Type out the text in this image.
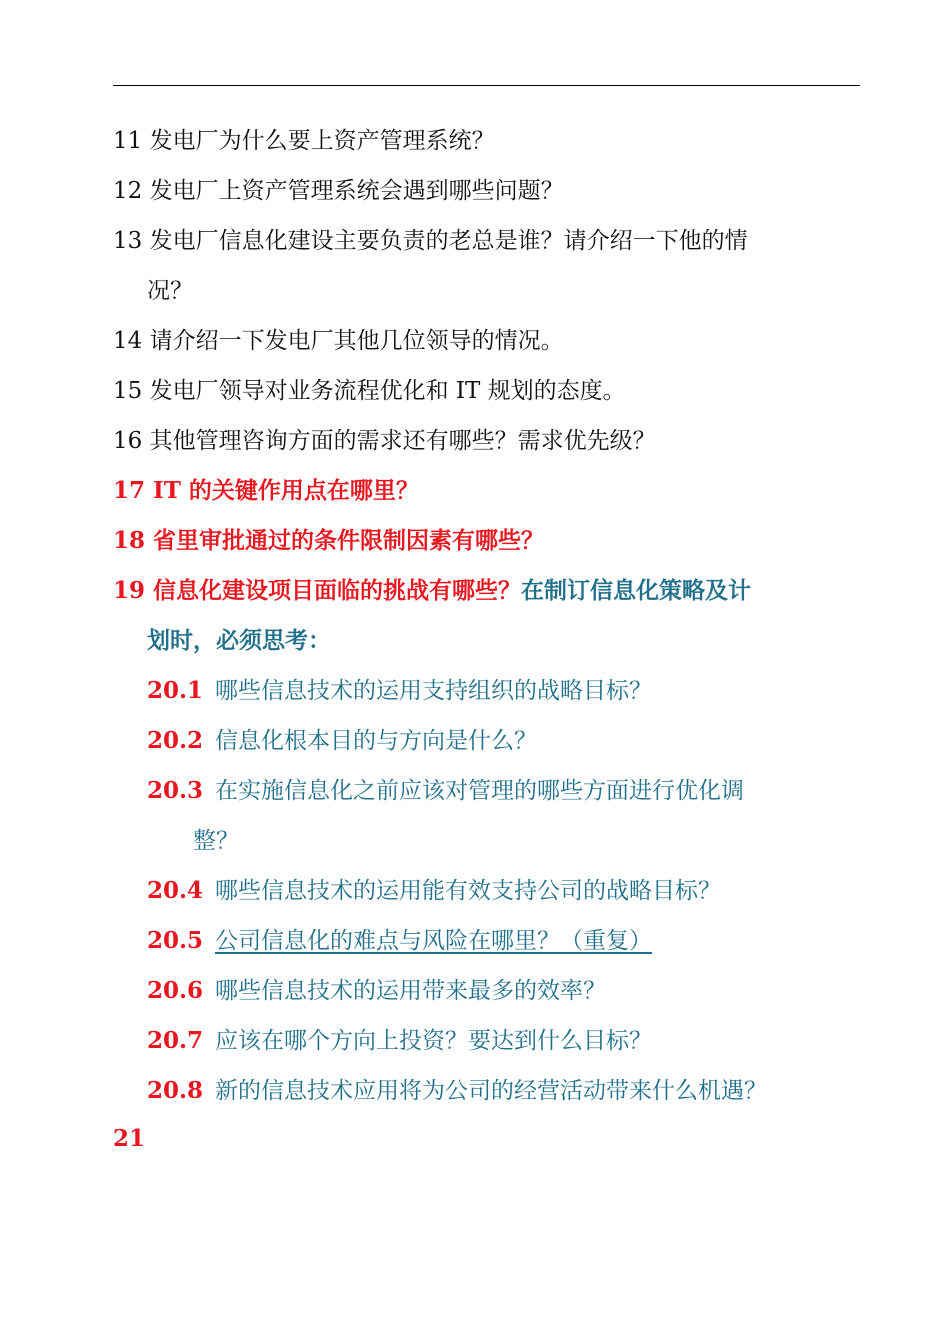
11 发电厂为什么要上资产管理系统？
12 发电厂上资产管理系统会遇到哪些问题？
13 发电厂信息化建设主要负责的老总是谁？请介绍一下他的情
况？
14 请介绍一下发电厂其他几位领导的情况。
15 发电厂领导对业务流程优化和 IT 规划的态度。
16 其他管理咨询方面的需求还有哪些？需求优先级？
17 IT 的关键作用点在哪里？
18 省里审批通过的条件限制因素有哪些？
19 信息化建设项目面临的挑战有哪些？在制订信息化策略及计
划时，必须思考：
20.1 哪些信息技术的运用支持组织的战略目标？
20.2 信息化根本目的与方向是什么？
20.3 在实施信息化之前应该对管理的哪些方面进行优化调
整？
20.4 哪些信息技术的运用能有效支持公司的战略目标？
20.5 公司信息化的难点与风险在哪里？（重复）
20.6 哪些信息技术的运用带来最多的效率？
20.7 应该在哪个方向上投资？要达到什么目标？
20.8 新的信息技术应用将为公司的经营活动带来什么机遇？
21
